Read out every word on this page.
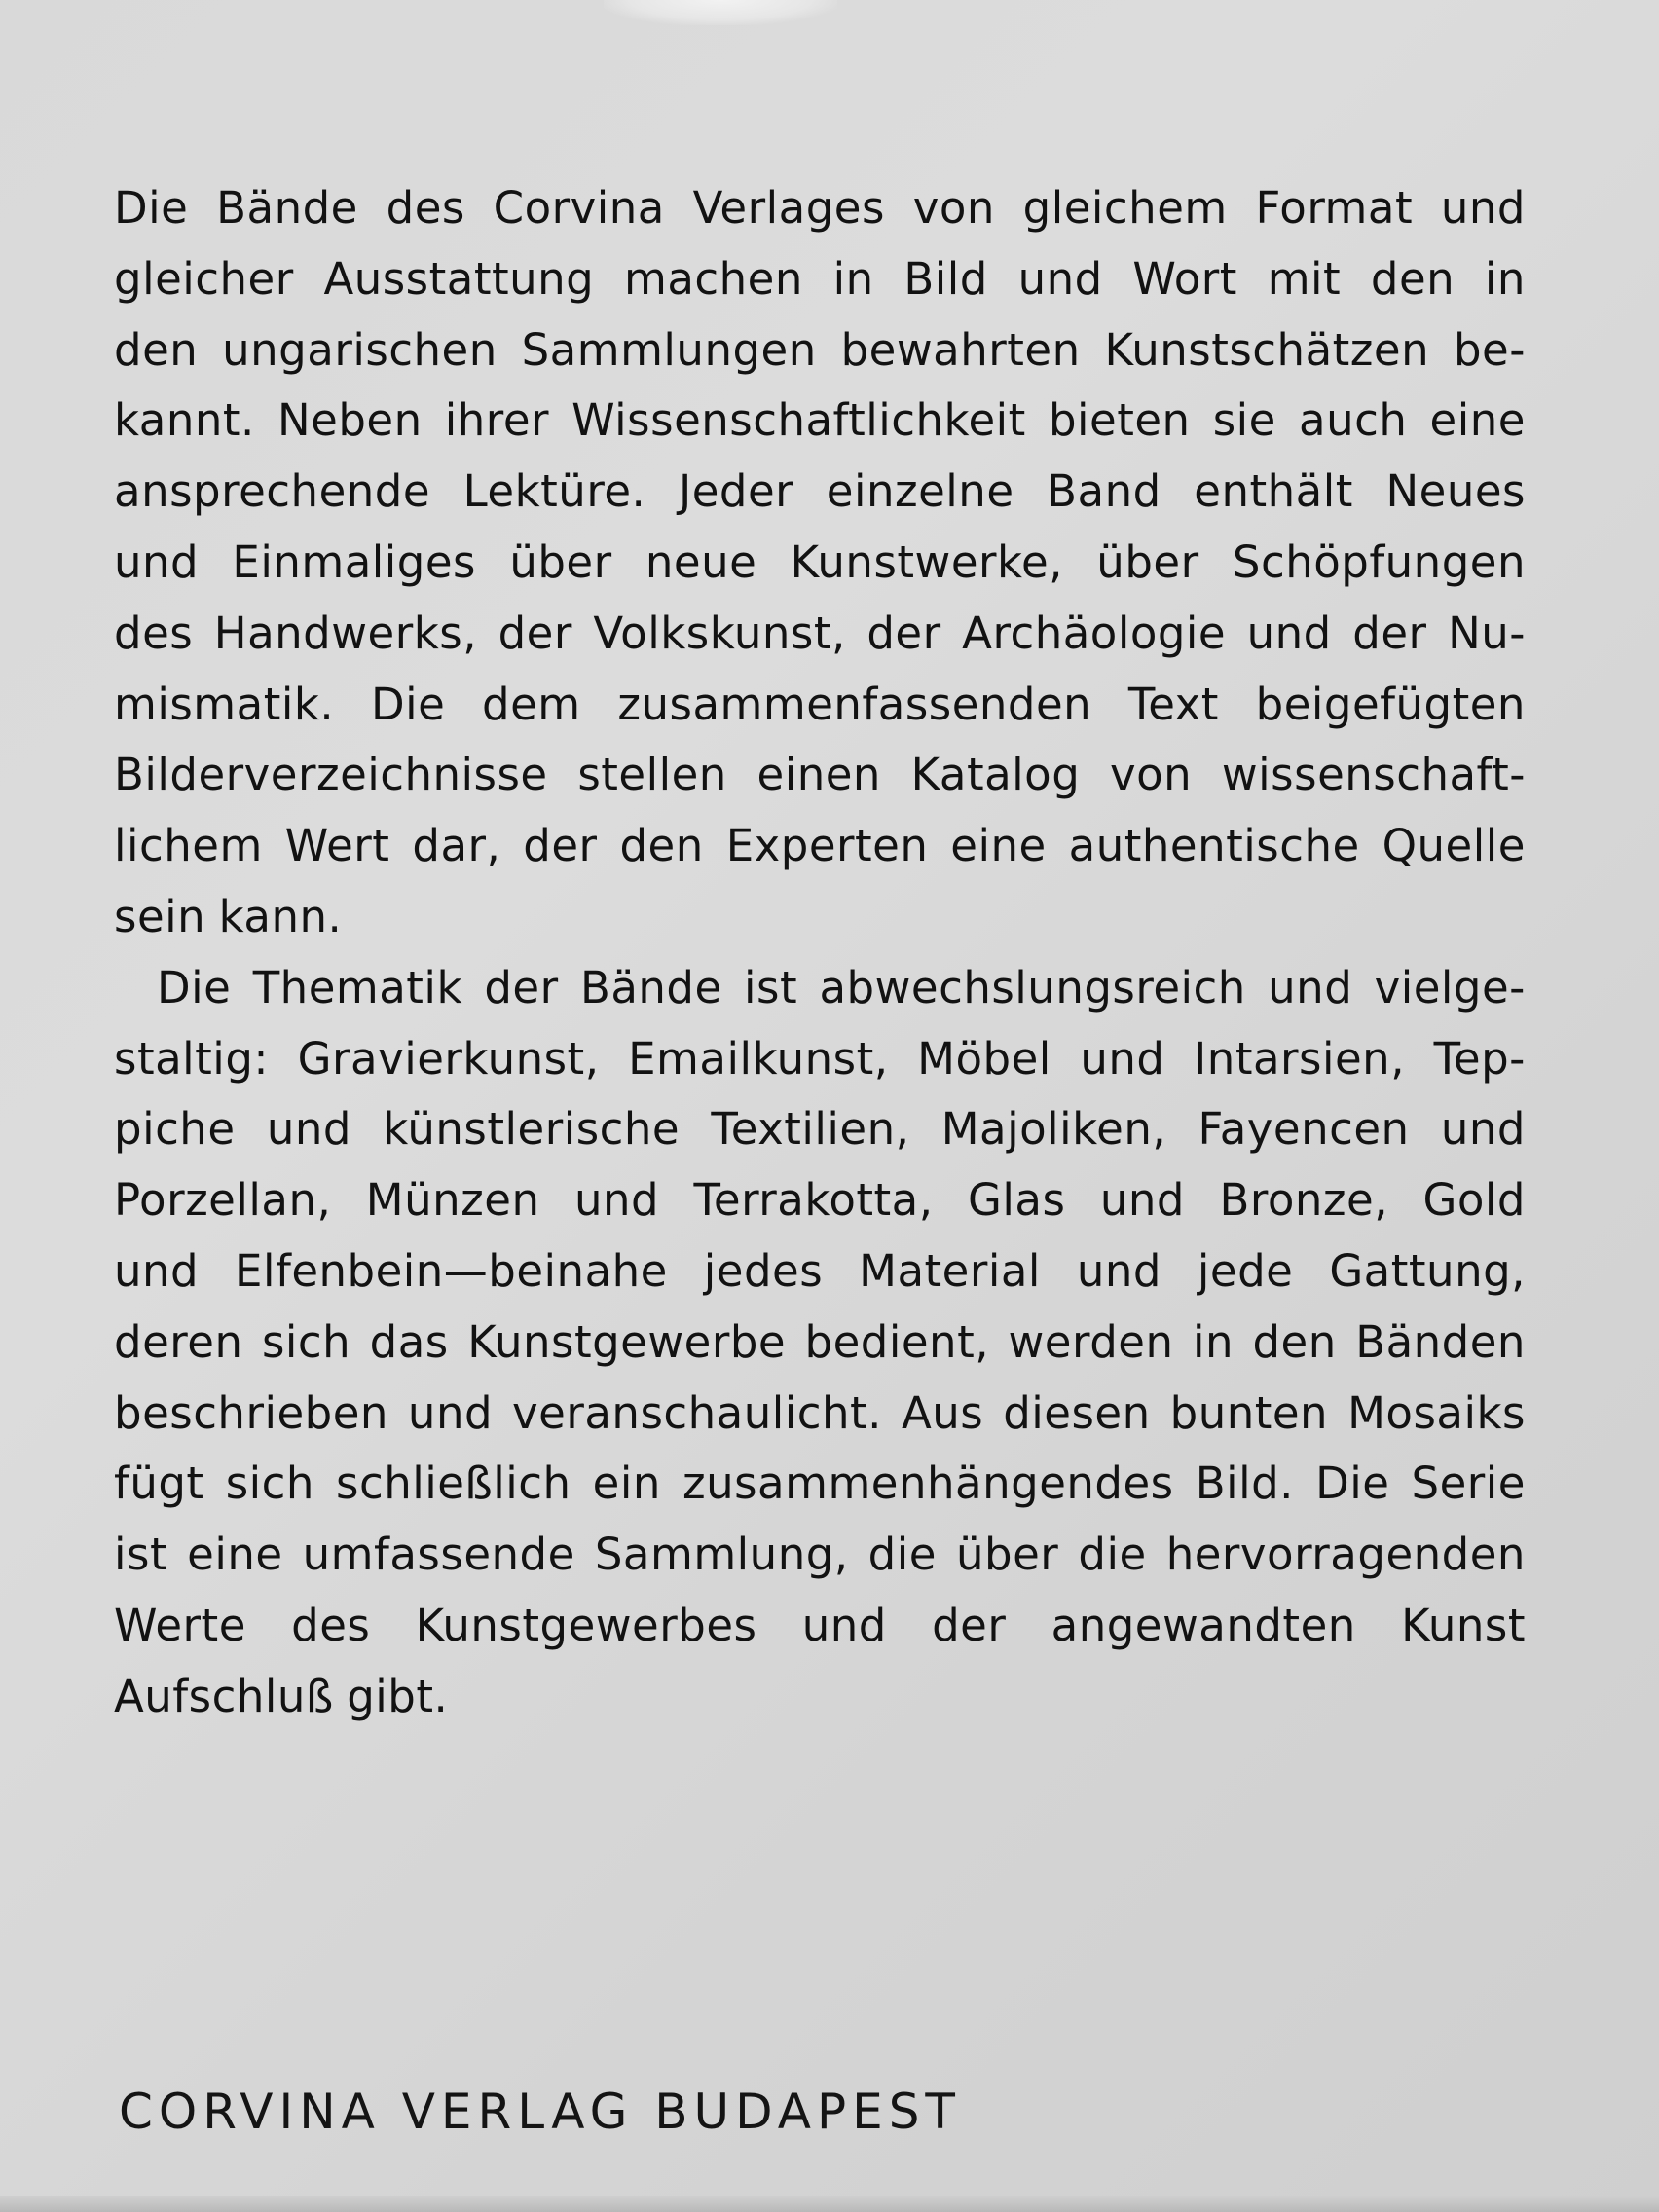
Die Bände des Corvina Verlages von gleichem Format und
gleicher Ausstattung machen in Bild und Wort mit den in
den ungarischen Sammlungen bewahrten Kunstschätzen be-
kannt. Neben ihrer Wissenschaftlichkeit bieten sie auch eine
ansprechende Lektüre. Jeder einzelne Band enthält Neues
und Einmaliges über neue Kunstwerke, über Schöpfungen
des Handwerks, der Volkskunst, der Archäologie und der Nu-
mismatik. Die dem zusammenfassenden Text beigefügten
Bilderverzeichnisse stellen einen Katalog von wissenschaft-
lichem Wert dar, der den Experten eine authentische Quelle
sein kann.
Die Thematik der Bände ist abwechslungsreich und vielge-
staltig: Gravierkunst, Emailkunst, Möbel und Intarsien, Tep-
piche und künstlerische Textilien, Majoliken, Fayencen und
Porzellan, Münzen und Terrakotta, Glas und Bronze, Gold
und Elfenbein—beinahe jedes Material und jede Gattung,
deren sich das Kunstgewerbe bedient, werden in den Bänden
beschrieben und veranschaulicht. Aus diesen bunten Mosaiks
fügt sich schließlich ein zusammenhängendes Bild. Die Serie
ist eine umfassende Sammlung, die über die hervorragenden
Werte des Kunstgewerbes und der angewandten Kunst
Aufschluß gibt.
CORVINA VERLAG BUDAPEST
